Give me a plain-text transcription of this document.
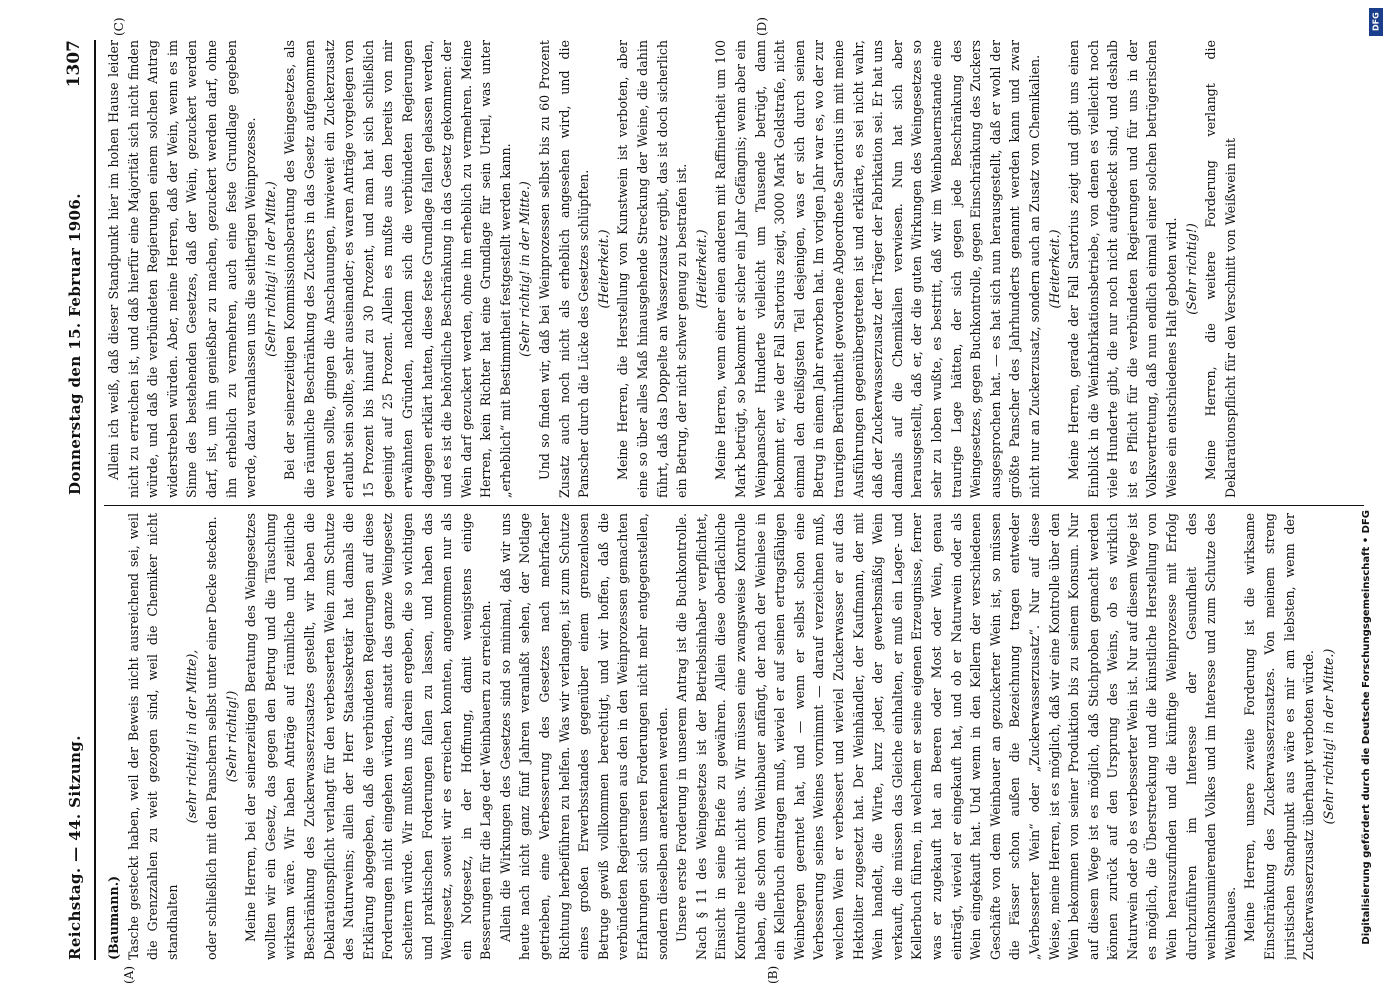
Reichstag. — 44. Sitzung.
Donnerstag den 15. Februar 1906.
1307
(A)	(B)
(C)	(D)

(Baumann.) Tasche gesteckt haben, weil der Beweis nicht ausreichend sei, weil die Grenzzahlen zu weit gezogen sind, weil die Chemiker nicht standhalten

(sehr richtig! in der Mitte), oder schließlich mit den Panschern selbst unter einer Decke stecken. (Sehr richtig!) Meine Herren, bei der seinerzeitigen Beratung des Weingesetzes wollten wir ein Gesetz, das gegen den Betrug und die Täuschung wirksam wäre. Wir haben Anträge auf räumliche und zeitliche Beschränkung des Zuckerwasserzusatzes gestellt, wir haben die Deklarationspflicht verlangt für den verbesserten Wein zum Schutze des Naturweins; allein der Herr Staatssekretär hat damals die Erklärung abgegeben, daß die verbündeten Regierungen auf diese Forderungen nicht eingehen würden, anstatt das ganze Weingesetz scheitern würde. Wir mußten uns darein ergeben, die so wichtigen und praktischen Forderungen fallen zu lassen, und haben das Weingesetz, soweit wir es erreichen konnten, angenommen nur als ein Notgesetz, in der Hoffnung, damit wenigstens einige Besserungen für die Lage der Weinbauern zu erreichen. Allein die Wirkungen des Gesetzes sind so minimal, daß wir uns heute nach nicht ganz fünf Jahren veranlaßt sehen, der Notlage getrieben, eine Verbesserung des Gesetzes nach mehrfacher Richtung herbeiführen zu helfen. Was wir verlangen, ist zum Schutze eines großen Erwerbsstandes gegenüber einem grenzenlosen Betruge gewiß vollkommen berechtigt, und wir hoffen, daß die verbündeten Regierungen aus den in den Weinprozessen gemachten Erfahrungen sich unseren Forderungen nicht mehr entgegenstellen, sondern dieselben anerkennen werden. Unsere erste Forderung in unserem Antrag ist die Buchkontrolle. Nach § 11 des Weingesetzes ist der Betriebsinhaber verpflichtet, Einsicht in seine Briefe zu gewähren. Allein diese oberflächliche Kontrolle reicht nicht aus. Wir müssen eine zwangsweise Kontrolle haben, die schon vom Weinbauer anfängt, der nach der Weinlese in ein Kellerbuch eintragen muß, wieviel er auf seinen ertragsfähigen Weinbergen geerntet hat, und — wenn er selbst schon eine Verbesserung seines Weines vornimmt — darauf verzeichnen muß, welchen Wein er verbessert und wieviel Zuckerwasser er auf das Hektoliter zugesetzt hat. Der Weinhändler, der Kaufmann, der mit Wein handelt, die Wirte, kurz jeder, der gewerbsmäßig Wein verkauft, die müssen das Gleiche einhalten, er muß ein Lager- und Kellerbuch führen, in welchem er seine eigenen Erzeugnisse, ferner was er zugekauft hat an Beeren oder Most oder Wein, genau einträgt, wieviel er eingekauft hat, und ob er Naturwein oder als Wein eingekauft hat. Und wenn in den Kellern der verschiedenen Geschäfte von dem Weinbauer an gezuckerter Wein ist, so müssen die Fässer schon außen die Bezeichnung tragen entweder „Verbesserter Wein“ oder „Zuckerwasserzusatz“. Nur auf diese Weise, meine Herren, ist es möglich, daß wir eine Kontrolle über den Wein bekommen von seiner Produktion bis zu seinem Konsum. Nur auf diesem Wege ist es möglich, daß Stichproben gemacht werden können zurück auf den Ursprung des Weins, ob es wirklich Naturwein oder ob es verbesserter Wein ist. Nur auf diesem Wege ist es möglich, die Überstreckung und die künstliche Herstellung von Wein herauszufinden und die künftige Weinprozesse mit Erfolg durchzuführen im Interesse der Gesundheit des weinkonsumierenden Volkes und im Interesse und zum Schutze des Weinbaues. Meine Herren, unsere zweite Forderung ist die wirksame Einschränkung des Zuckerwasserzusatzes. Von meinem streng juristischen Standpunkt aus wäre es mir am liebsten, wenn der Zuckerwasserzusatz überhaupt verboten würde. (Sehr richtig! in der Mitte.)

Allein ich weiß, daß dieser Standpunkt hier im hohen Hause leider nicht zu erreichen ist, und daß hierfür eine Majorität sich nicht finden würde, und daß die verbündeten Regierungen einem solchen Antrag widerstreben würden. Aber, meine Herren, daß der Wein, wenn es im Sinne des bestehenden Gesetzes, daß der Wein, gezuckert werden darf, ist, um ihn genießbar zu machen, gezuckert werden darf, ohne ihn erheblich zu vermehren, auch eine feste Grundlage gegeben werde, dazu veranlassen uns die seitherigen Weinprozesse. (Sehr richtig! in der Mitte.) Bei der seinerzeitigen Kommissionsberatung des Weingesetzes, als die räumliche Beschränkung des Zuckers in das Gesetz aufgenommen werden sollte, gingen die Anschauungen, inwieweit ein Zuckerzusatz erlaubt sein sollte, sehr auseinander; es waren Anträge vorgelegen von 15 Prozent bis hinauf zu 30 Prozent, und man hat sich schließlich geeinigt auf 25 Prozent. Allein es mußte aus den bereits von mir erwähnten Gründen, nachdem sich die verbündeten Regierungen dagegen erklärt hatten, diese feste Grundlage fallen gelassen werden, und es ist die behördliche Beschränkung in das Gesetz gekommen: der Wein darf gezuckert werden, ohne ihn erheblich zu vermehren. Meine Herren, kein Richter hat eine Grundlage für sein Urteil, was unter „erheblich“ mit Bestimmtheit festgestellt werden kann. (Sehr richtig! in der Mitte.) Und so finden wir, daß bei Weinprozessen selbst bis zu 60 Prozent Zusatz auch noch nicht als erheblich angesehen wird, und die Panscher durch die Lücke des Gesetzes schlüpften. (Heiterkeit.) Meine Herren, die Herstellung von Kunstwein ist verboten, aber eine so über alles Maß hinausgehende Streckung der Weine, die dahin führt, daß das Doppelte an Wasserzusatz ergibt, das ist doch sicherlich ein Betrug, der nicht schwer genug zu bestrafen ist. (Heiterkeit.) Meine Herren, wenn einer einen anderen mit Raffiniertheit um 100 Mark betrügt, so bekommt er sicher ein Jahr Gefängnis; wenn aber ein Weinpanscher Hunderte vielleicht um Tausende betrügt, dann bekommt er, wie der Fall Sartorius zeigt, 3000 Mark Geldstrafe, nicht einmal den dreißigsten Teil desjenigen, was er sich durch seinen Betrug in einem Jahr erworben hat. Im vorigen Jahr war es, wo der zur traurigen Berühmtheit gewordene Abgeordnete Sartorius im mit meine Ausführungen gegenübergetreten ist und erklärte, es sei nicht wahr, daß der Zuckerwasserzusatz der Träger der Fabrikation sei. Er hat uns damals auf die Chemikalien verwiesen. Nun hat sich aber herausgestellt, daß er, der die guten Wirkungen des Weingesetzes so sehr zu loben wußte, es bestritt, daß wir im Weinbauernstande eine traurige Lage hätten, der sich gegen jede Beschränkung des Weingesetzes, gegen Buchkontrolle, gegen Einschränkung des Zuckers ausgesprochen hat. — es hat sich nun herausgestellt, daß er wohl der größte Panscher des Jahrhunderts genannt werden kann und zwar nicht nur an Zuckerzusatz, sondern auch an Zusatz von Chemikalien. (Heiterkeit.) Meine Herren, gerade der Fall Sartorius zeigt und gibt uns einen Einblick in die Weinfabrikationsbetriebe, von denen es vielleicht noch viele Hunderte gibt, die nur noch nicht aufgedeckt sind, und deshalb ist es Pflicht für die verbündeten Regierungen und für uns in der Volksvertretung, daß nun endlich einmal einer solchen betrügerischen Weise ein entschiedenes Halt geboten wird. (Sehr richtig!) Meine Herren, die weitere Forderung verlangt die Deklarationspflicht für den Verschnitt von Weißwein mit

Digitalisierung gefördert durch die Deutsche Forschungsgemeinschaft • DFG
DFG
